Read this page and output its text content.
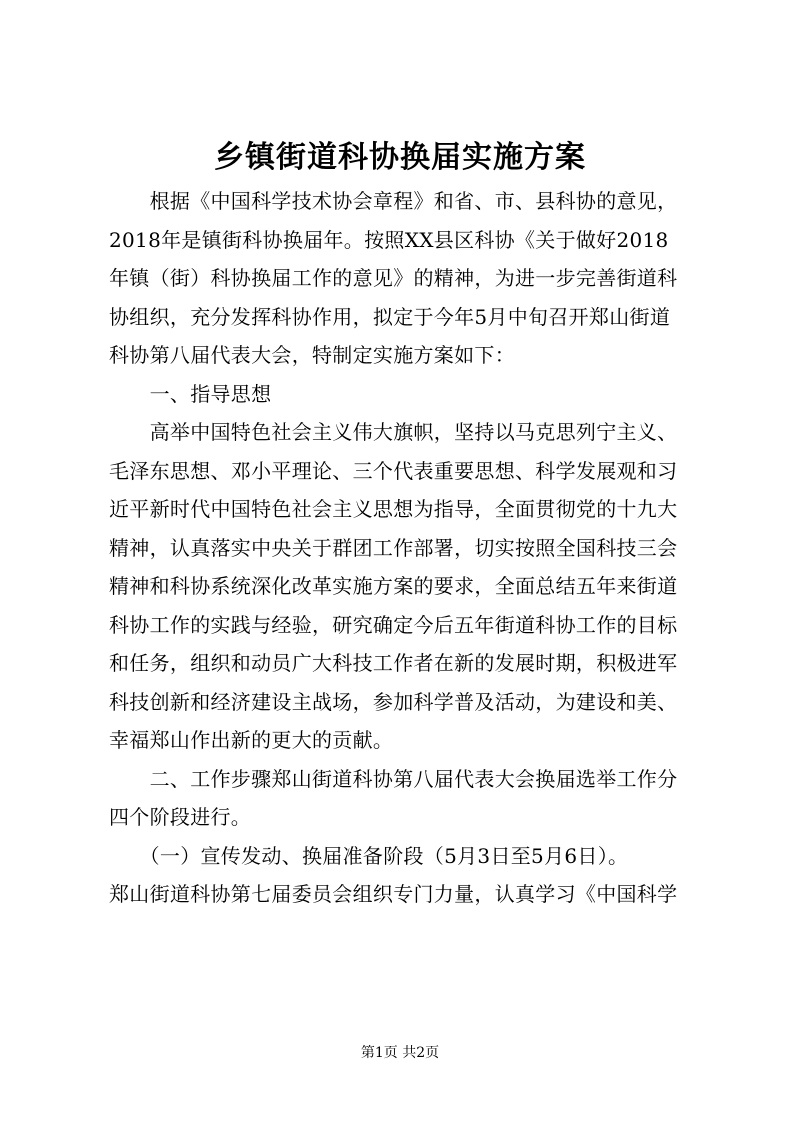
乡镇街道科协换届实施方案
　　根据《中国科学技术协会章程》和省、市、县科协的意见，
2018年是镇街科协换届年。按照XX县区科协《关于做好2018
年镇（街）科协换届工作的意见》的精神，为进一步完善街道科
协组织，充分发挥科协作用，拟定于今年5月中旬召开郑山街道
科协第八届代表大会，特制定实施方案如下：
　　一、指导思想
　　高举中国特色社会主义伟大旗帜，坚持以马克思列宁主义、
毛泽东思想、邓小平理论、三个代表重要思想、科学发展观和习
近平新时代中国特色社会主义思想为指导，全面贯彻党的十九大
精神，认真落实中央关于群团工作部署，切实按照全国科技三会
精神和科协系统深化改革实施方案的要求，全面总结五年来街道
科协工作的实践与经验，研究确定今后五年街道科协工作的目标
和任务，组织和动员广大科技工作者在新的发展时期，积极进军
科技创新和经济建设主战场，参加科学普及活动，为建设和美、
幸福郑山作出新的更大的贡献。
　　二、工作步骤郑山街道科协第八届代表大会换届选举工作分
四个阶段进行。
　　（一）宣传发动、换届准备阶段（5月3日至5月6日）。
郑山街道科协第七届委员会组织专门力量，认真学习《中国科学
第1页 共2页
